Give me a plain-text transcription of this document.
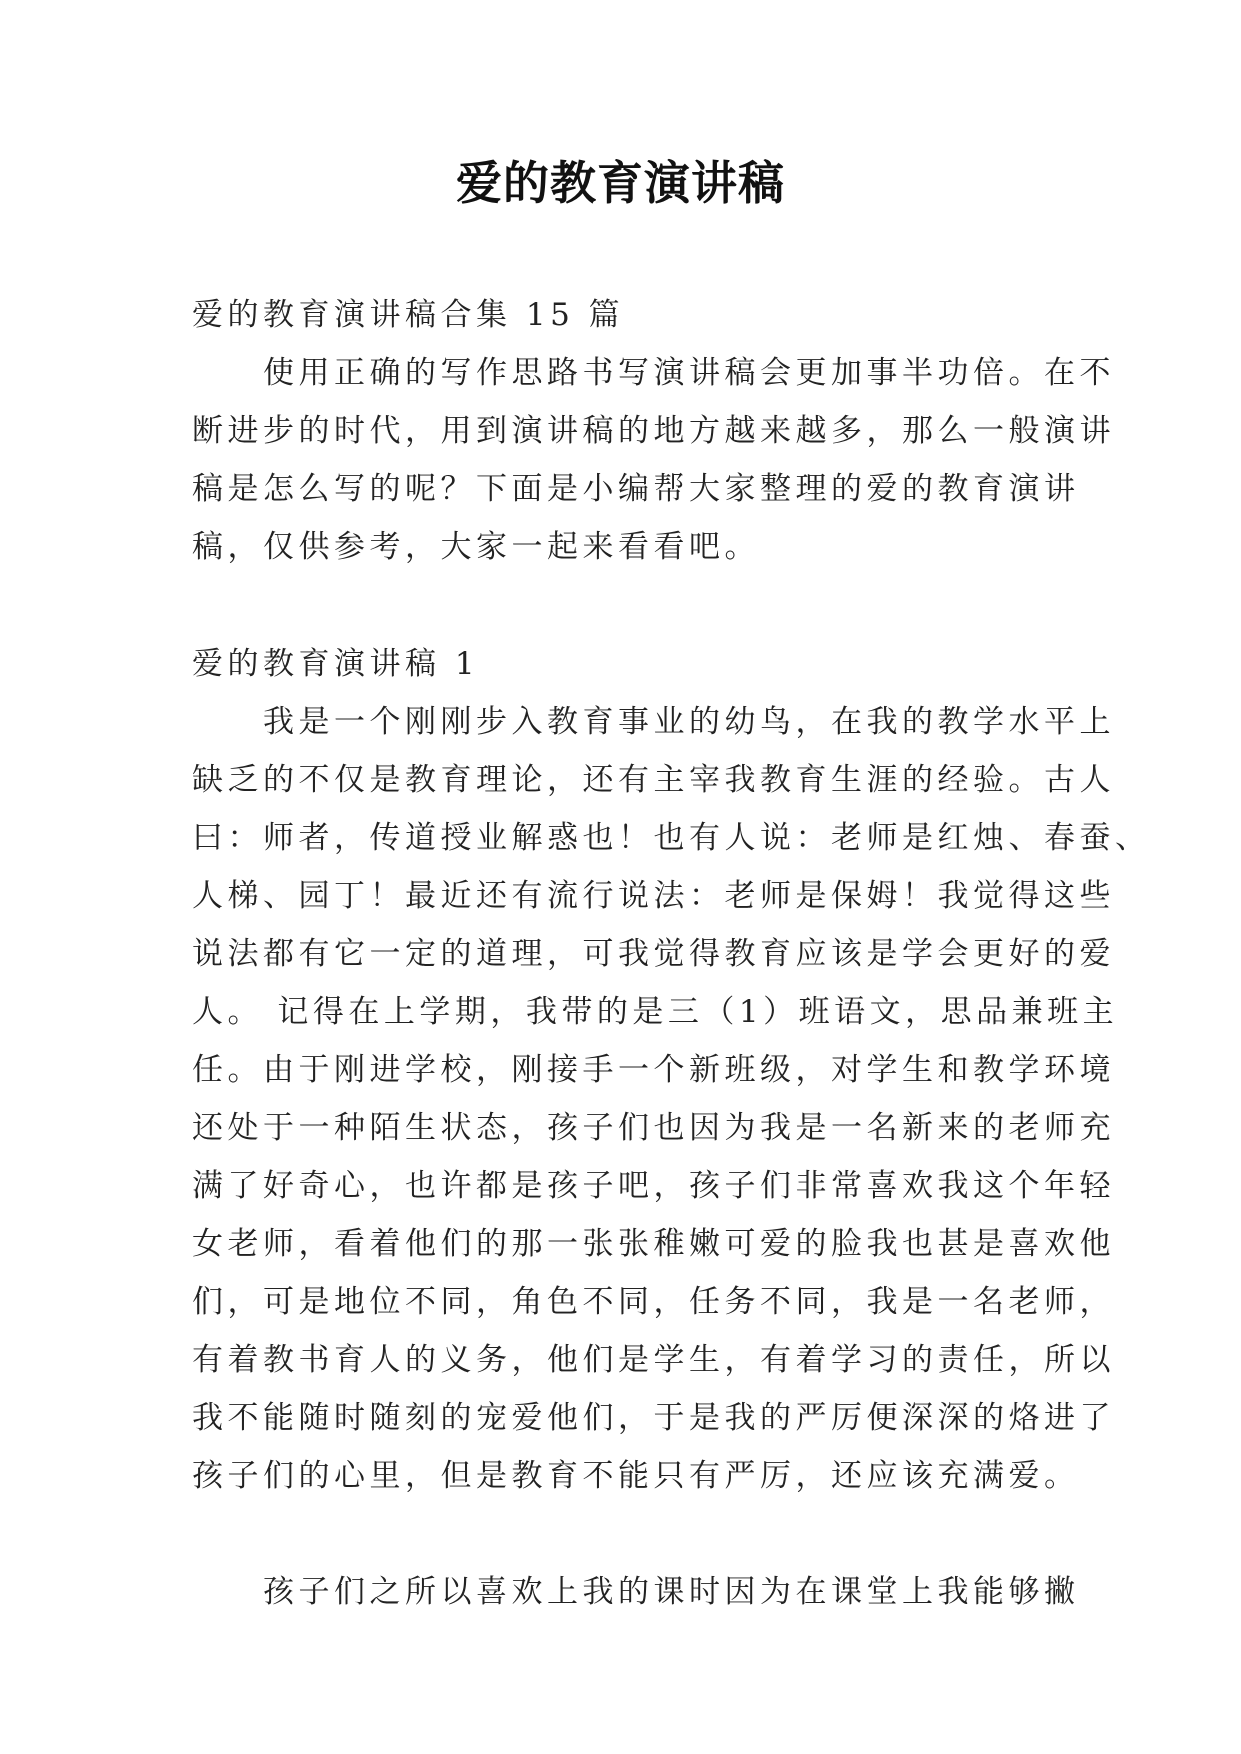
爱的教育演讲稿
爱的教育演讲稿合集 15 篇

使用正确的写作思路书写演讲稿会更加事半功倍。在不
断进步的时代，用到演讲稿的地方越来越多，那么一般演讲
稿是怎么写的呢？下面是小编帮大家整理的爱的教育演讲
稿，仅供参考，大家一起来看看吧。

爱的教育演讲稿 1

我是一个刚刚步入教育事业的幼鸟，在我的教学水平上
缺乏的不仅是教育理论，还有主宰我教育生涯的经验。古人
曰：师者，传道授业解惑也！也有人说：老师是红烛、春蚕、
人梯、园丁！最近还有流行说法：老师是保姆！我觉得这些
说法都有它一定的道理，可我觉得教育应该是学会更好的爱
人。 记得在上学期，我带的是三（1）班语文，思品兼班主
任。由于刚进学校，刚接手一个新班级，对学生和教学环境
还处于一种陌生状态，孩子们也因为我是一名新来的老师充
满了好奇心，也许都是孩子吧，孩子们非常喜欢我这个年轻
女老师，看着他们的那一张张稚嫩可爱的脸我也甚是喜欢他
们，可是地位不同，角色不同，任务不同，我是一名老师，
有着教书育人的义务，他们是学生，有着学习的责任，所以
我不能随时随刻的宠爱他们，于是我的严厉便深深的烙进了
孩子们的心里，但是教育不能只有严厉，还应该充满爱。

孩子们之所以喜欢上我的课时因为在课堂上我能够撇
